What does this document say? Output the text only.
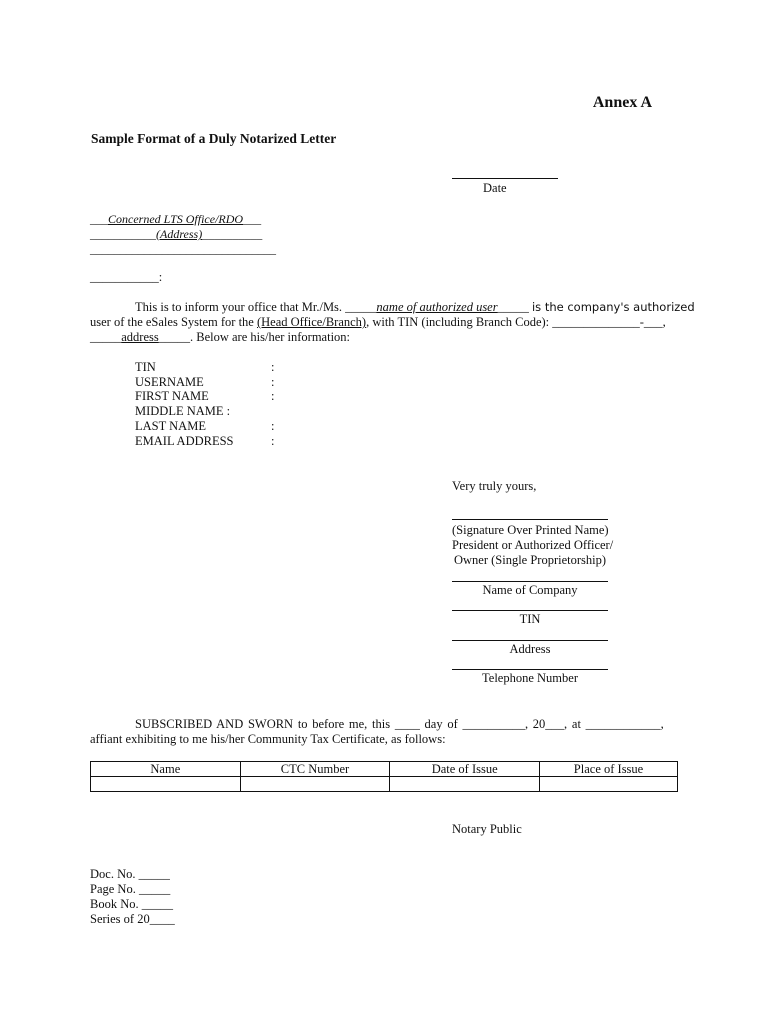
Annex A
Sample Format of a Duly Notarized Letter
Date
___Concerned LTS Office/RDO___
___________(Address)__________
_______________________________
___________:
This is to inform your office that Mr./Ms. _____name of authorized user_____ is the company's authorized
user of the eSales System for the (Head Office/Branch), with TIN (including Branch Code): ______________-___,
_____address_____. Below are his/her information:
TIN	:
USERNAME	:
FIRST NAME	:
MIDDLE NAME :
LAST NAME	:
EMAIL ADDRESS	:
Very truly yours,
(Signature Over Printed Name)
President or Authorized Officer/
Owner (Single Proprietorship)
Name of Company
TIN
Address
Telephone Number
SUBSCRIBED AND SWORN to before me, this ____ day of __________, 20___, at ____________,
affiant exhibiting to me his/her Community Tax Certificate, as follows:
Name	CTC Number	Date of Issue	Place of Issue

Notary Public
Doc. No. _____
Page No. _____
Book No. _____
Series of 20____
